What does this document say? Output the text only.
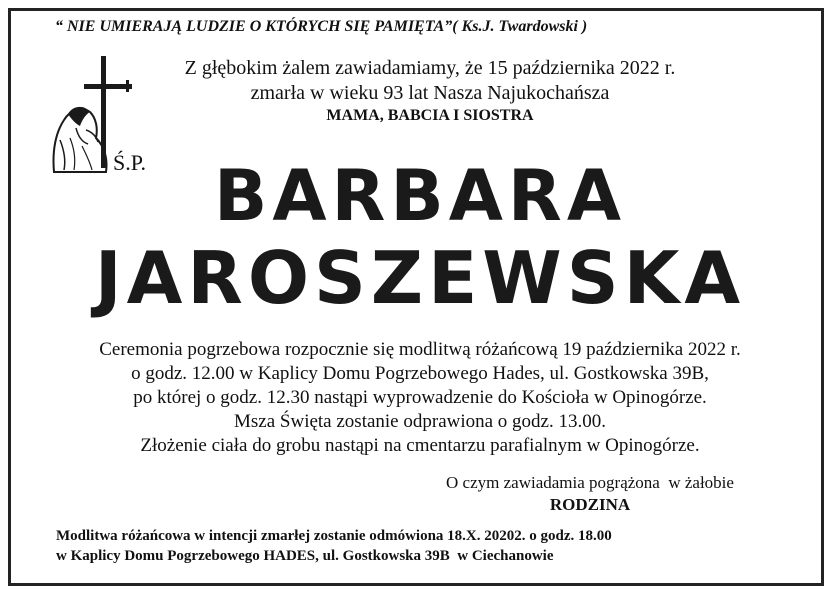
“ NIE UMIERAJĄ LUDZIE O KTÓRYCH SIĘ PAMIĘTA”( Ks.J. Twardowski )
Z głębokim żalem zawiadamiamy, że 15 października 2022 r.
zmarła w wieku 93 lat Nasza Najukochańsza
MAMA, BABCIA I SIOSTRA
Ś.P. BARBARA
JAROSZEWSKA
Ceremonia pogrzebowa rozpocznie się modlitwą różańcową 19 października 2022 r.
o godz. 12.00 w Kaplicy Domu Pogrzebowego Hades, ul. Gostkowska 39B,
po której o godz. 12.30 nastąpi wyprowadzenie do Kościoła w Opinogórze.
Msza Święta zostanie odprawiona o godz. 13.00.
Złożenie ciała do grobu nastąpi na cmentarzu parafialnym w Opinogórze.
O czym zawiadamia pogrążona  w żałobie
RODZINA
Modlitwa różańcowa w intencji zmarłej zostanie odmówiona 18.X. 20202. o godz. 18.00
w Kaplicy Domu Pogrzebowego HADES, ul. Gostkowska 39B  w Ciechanowie
